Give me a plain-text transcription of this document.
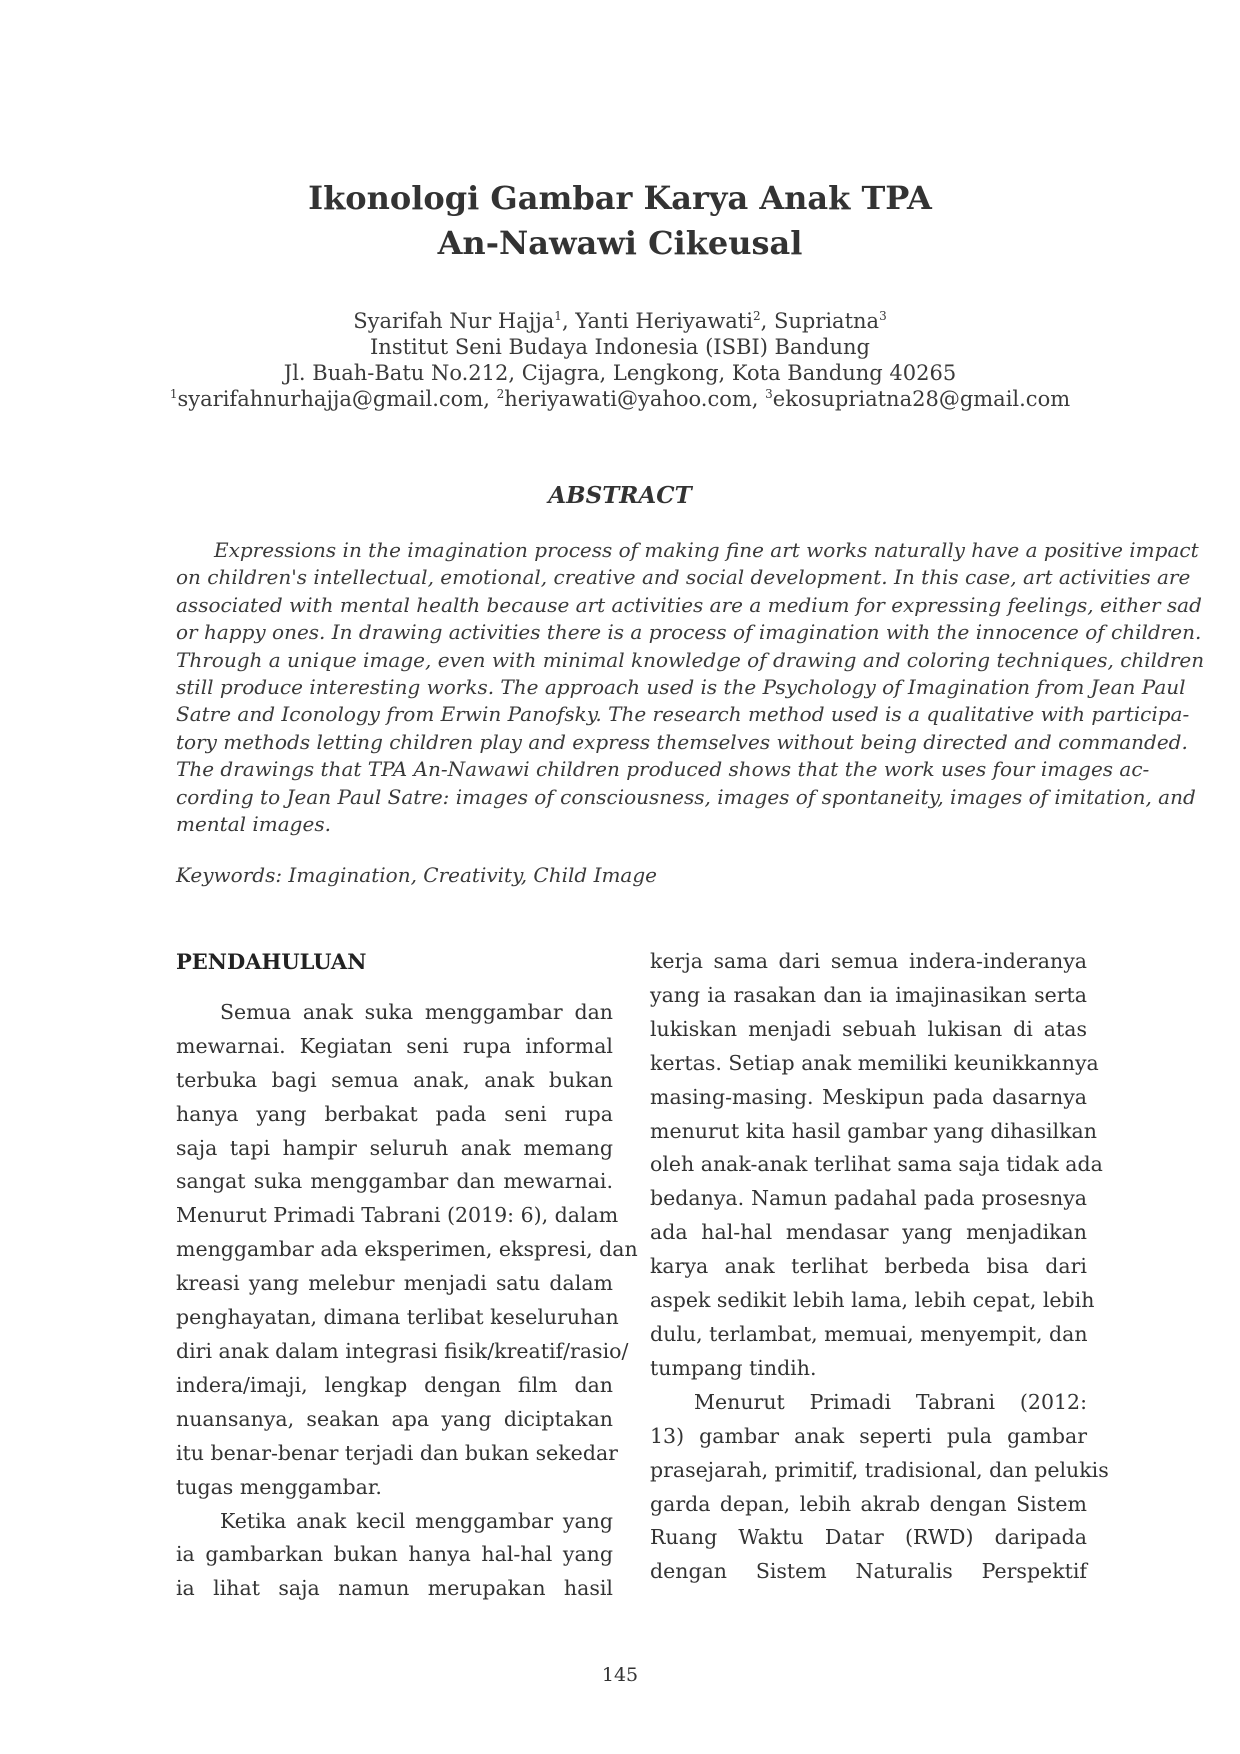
Ikonologi Gambar Karya Anak TPA
An-Nawawi Cikeusal
Syarifah Nur Hajja$^1$, Yanti Heriyawati$^2$, Supriatna$^3$
Institut Seni Budaya Indonesia (ISBI) Bandung
Jl. Buah-Batu No.212, Cijagra, Lengkong, Kota Bandung 40265
$^1$syarifahnurhajja@gmail.com, $^2$heriyawati@yahoo.com, $^3$ekosupriatna28@gmail.com
ABSTRACT
Expressions in the imagination process of making fine art works naturally have a positive impact
on children's intellectual, emotional, creative and social development. In this case, art activities are
associated with mental health because art activities are a medium for expressing feelings, either sad
or happy ones. In drawing activities there is a process of imagination with the innocence of children.
Through a unique image, even with minimal knowledge of drawing and coloring techniques, children
still produce interesting works. The approach used is the Psychology of Imagination from Jean Paul
Satre and Iconology from Erwin Panofsky. The research method used is a qualitative with participa-
tory methods letting children play and express themselves without being directed and commanded.
The drawings that TPA An-Nawawi children produced shows that the work uses four images ac-
cording to Jean Paul Satre: images of consciousness, images of spontaneity, images of imitation, and
mental images.
Keywords: Imagination, Creativity, Child Image
PENDAHULUAN
Semua anak suka menggambar dan
mewarnai. Kegiatan seni rupa informal
terbuka bagi semua anak, anak bukan
hanya yang berbakat pada seni rupa
saja tapi hampir seluruh anak memang
sangat suka menggambar dan mewarnai.
Menurut Primadi Tabrani (2019: 6), dalam
menggambar ada eksperimen, ekspresi, dan
kreasi yang melebur menjadi satu dalam
penghayatan, dimana terlibat keseluruhan
diri anak dalam integrasi fisik/kreatif/rasio/
indera/imaji, lengkap dengan film dan
nuansanya, seakan apa yang diciptakan
itu benar-benar terjadi dan bukan sekedar
tugas menggambar.
Ketika anak kecil menggambar yang
ia gambarkan bukan hanya hal-hal yang
ia lihat saja namun merupakan hasil
kerja sama dari semua indera-inderanya
yang ia rasakan dan ia imajinasikan serta
lukiskan menjadi sebuah lukisan di atas
kertas. Setiap anak memiliki keunikkannya
masing-masing. Meskipun pada dasarnya
menurut kita hasil gambar yang dihasilkan
oleh anak-anak terlihat sama saja tidak ada
bedanya. Namun padahal pada prosesnya
ada hal-hal mendasar yang menjadikan
karya anak terlihat berbeda bisa dari
aspek sedikit lebih lama, lebih cepat, lebih
dulu, terlambat, memuai, menyempit, dan
tumpang tindih.
Menurut Primadi Tabrani (2012:
13) gambar anak seperti pula gambar
prasejarah, primitif, tradisional, dan pelukis
garda depan, lebih akrab dengan Sistem
Ruang Waktu Datar (RWD) daripada
dengan Sistem Naturalis Perspektif
145
